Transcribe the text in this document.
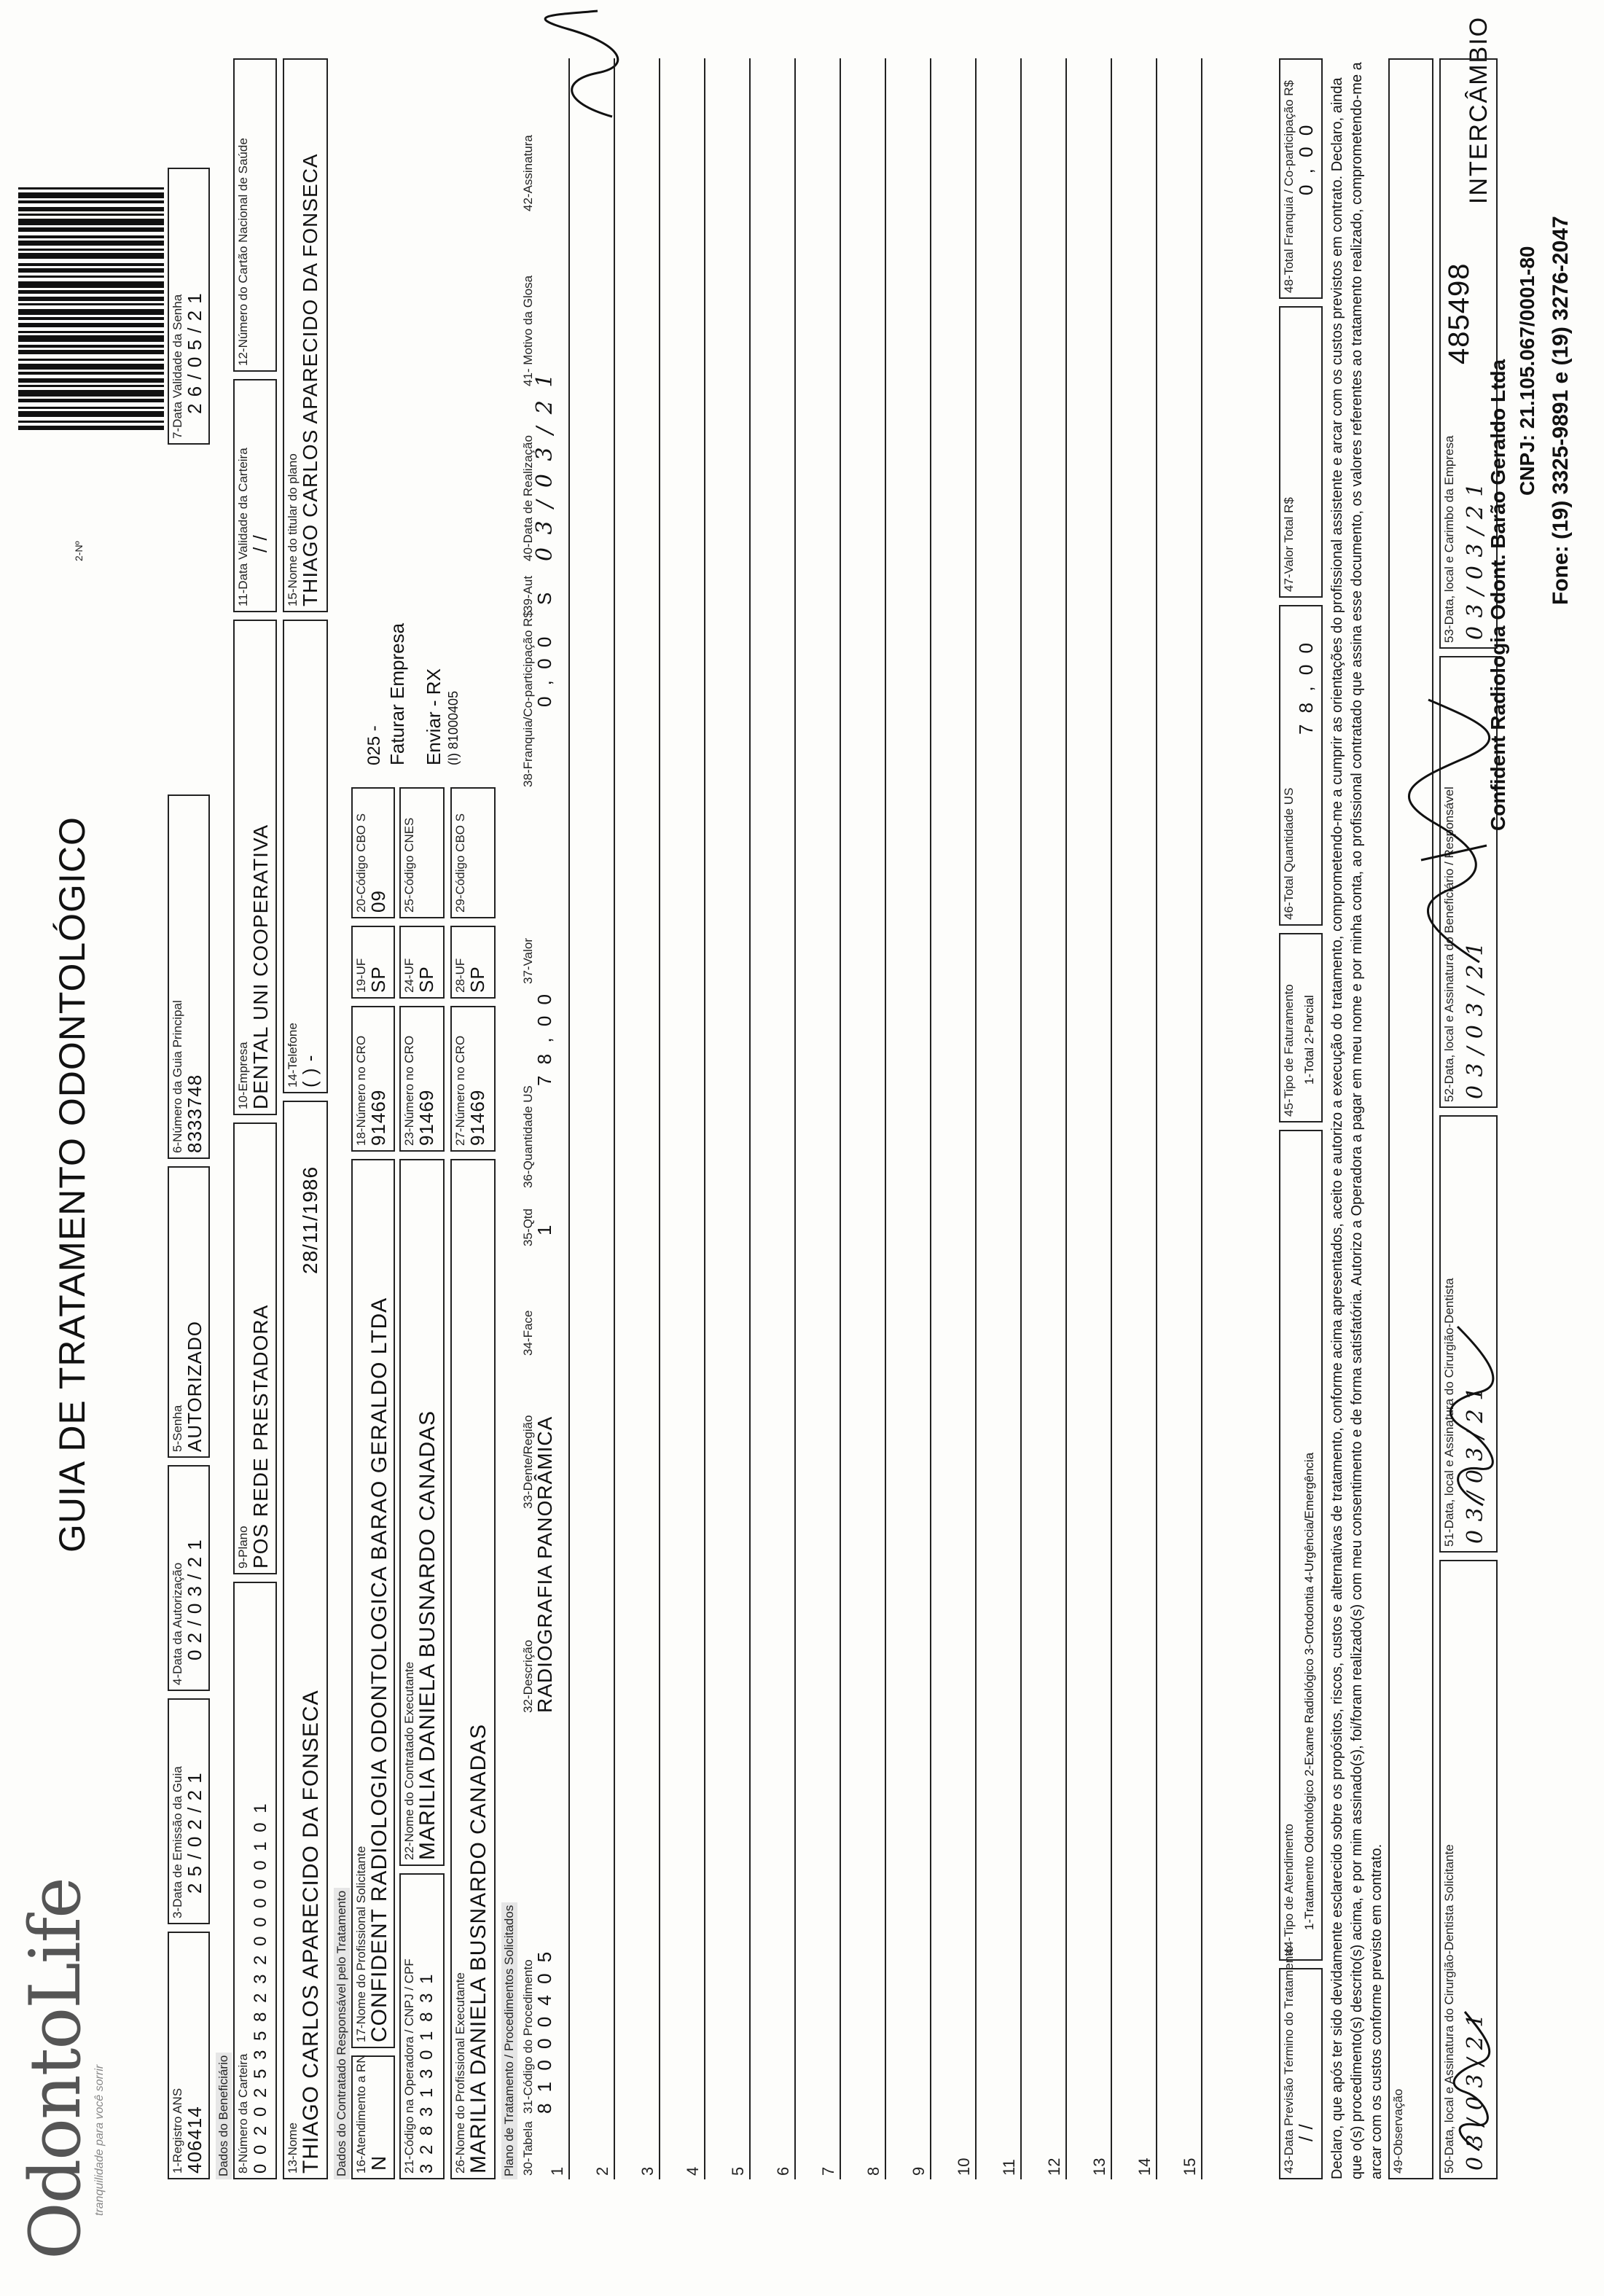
OdontoLife
tranquilidade para você sorrir
GUIA DE TRATAMENTO ODONTOLÓGICO
2-Nº
485498
INTERCÂMBIO
1-Registro ANS 406414
3-Data de Emissão da Guia 2 5 / 0 2 / 2 1
4-Data da Autorização 0 2 / 0 3 / 2 1
5-Senha AUTORIZADO
6-Número da Guia Principal 8333748
7-Data Validade da Senha 2 6 / 0 5 / 2 1
Dados do Beneficiário 8-Número da Carteira 0 0 2 0 2 5 3 5 8 2 3 2 0 0 0 0 0 1 0 1
9-Plano POS REDE PRESTADORA
10-Empresa DENTAL UNI COOPERATIVA
11-Data Validade da Carteira / /
12-Número do Cartão Nacional de Saúde
13-Nome THIAGO CARLOS APARECIDO DA FONSECA
28/11/1986
14-Telefone ( ) -
15-Nome do titular do plano THIAGO CARLOS APARECIDO DA FONSECA
Dados do Contratado Responsável pelo Tratamento 16-Atendimento a RN N
17-Nome do Profissional Solicitante CONFIDENT RADIOLOGIA ODONTOLOGICA BARAO GERALDO LTDA
18-Número no CRO 91469
19-UF SP
20-Código CBO S 09
21-Código na Operadora / CNPJ / CPF 3 2 8 3 1 3 0 1 8 3 1
22-Nome do Contratado Executante MARILIA DANIELA BUSNARDO CANADAS
23-Número no CRO 91469
24-UF SP
25-Código CNES
26-Nome do Profissional Executante MARILIA DANIELA BUSNARDO CANADAS
27-Número no CRO 91469
28-UF SP
29-Código CBO S
025 - Faturar Empresa Enviar - RX (I) 81000405
Plano de Tratamento / Procedimentos Solicitados 30-Tabela
31-Código do Procedimento
32-Descrição
33-Dente/Região
34-Face
35-Qtd
36-Quantidade US
37-Valor
38-Franquia/Co-participação R$
39-Aut
40-Data de Realização
41- Motivo da Glosa
42-Assinatura
8 1 0 0 0 4 0 5
RADIOGRAFIA PANORÂMICA
1
7 8 , 0 0
0 , 0 0
S
0 3 / 0 3 / 2 1
43-Data Previsão Término do Tratamento / /
44-Tipo de Atendimento 1-Tratamento Odontológico 2-Exame Radiológico 3-Ortodontia 4-Urgência/Emergência
45-Tipo de Faturamento 1-Total 2-Parcial
46-Total Quantidade US
7 8 , 0 0
47-Valor Total R$
48-Total Franquia / Co-participação R$ 0 , 0 0 Declaro, que após ter sido devidamente esclarecido sobre os propósitos, riscos, custos e alternativas de tratamento, conforme acima apresentados, aceito e autorizo a execução do tratamento, comprometendo-me a cumprir as orientações do profissional assistente e arcar com os custos previstos em contrato. Declaro, ainda que o(s) procedimento(s) descrito(s) acima, e por mim assinado(s), foi/foram realizado(s) com meu consentimento e de forma satisfatória. Autorizo a Operadora a pagar em meu nome e por minha conta, ao profissional contratado que assina esse documento, os valores referentes ao tratamento realizado, comprometendo-me a arcar com os custos conforme previsto em contrato. 49-Observação	50-Data, local e Assinatura do Cirurgião-Dentista Solicitante 0 3 / 0 3 / 2 1
51-Data, local e Assinatura do Cirurgião-Dentista 0 3 / 0 3 / 2 1
52-Data, local e Assinatura do Beneficiário / Responsável 0 3 / 0 3 / 2 1
53-Data, local e Carimbo da Empresa 0 3 / 0 3 / 2 1
Confident Radiologia Odont. Barão Geraldo Ltda CNPJ: 21.105.067/0001-80 Fone: (19) 3325-9891 e (19) 3276-2047
1 2 3 4 5 6 7 8 9 10 11 12 13 14 15
